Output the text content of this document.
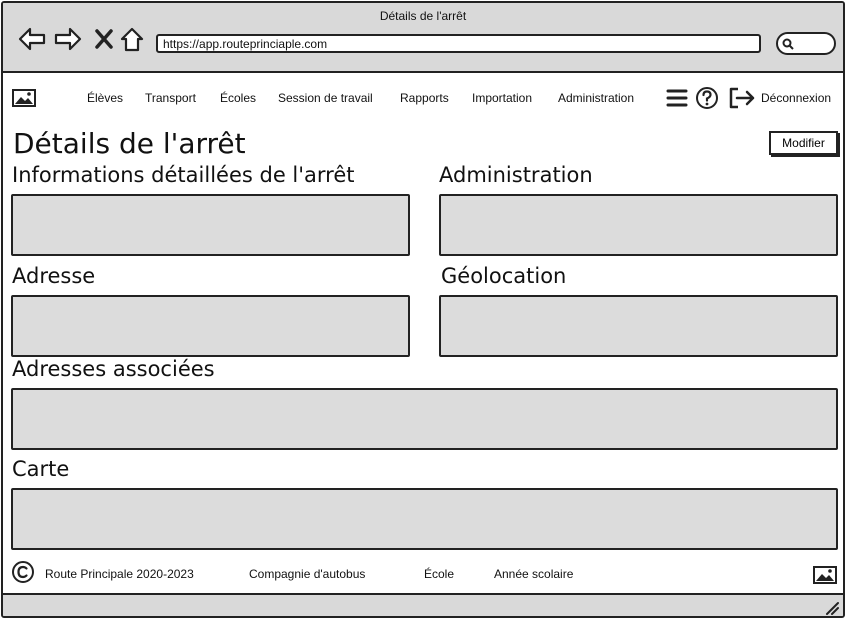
Détails de l'arrêt
https://app.routeprinciaple.com
Élèves Transport Écoles Session de travail Rapports Importation Administration	Déconnexion
Détails de l'arrêt	Modifier
Informations détaillées de l'arrêt	Administration
Adresse	Géolocation
Adresses associées
Carte
Route Principale 2020-2023	Compagnie d'autobus	École	Année scolaire
